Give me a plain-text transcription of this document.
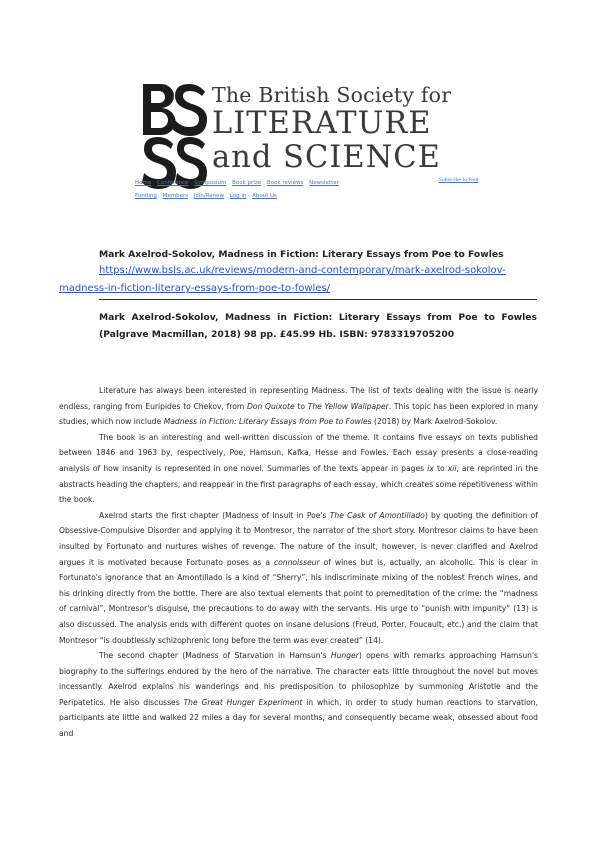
The British Society for
LITERATURE
and SCIENCE
Home Conference Symposium Book prize Book reviews Newsletter	Subscribe to feed
Funding Members Join/Renew Log in About Us
Mark Axelrod-Sokolov, Madness in Fiction: Literary Essays from Poe to Fowles
https://www.bsls.ac.uk/reviews/modern-and-contemporary/mark-axelrod-sokolov-
madness-in-fiction-literary-essays-from-poe-to-fowles/
Mark Axelrod-Sokolov, Madness in Fiction: Literary Essays from Poe to Fowles (Palgrave Macmillan, 2018) 98 pp. £45.99 Hb. ISBN: 9783319705200

Literature has always been interested in representing Madness. The list of texts dealing with the issue is nearly endless, ranging from Euripides to Chekov, from Don Quixote to The Yellow Wallpaper. This topic has been explored in many studies, which now include Madness in Fiction: Literary Essays from Poe to Fowles (2018) by Mark Axelrod-Sokolov.

The book is an interesting and well-written discussion of the theme. It contains five essays on texts published between 1846 and 1963 by, respectively, Poe, Hamsun, Kafka, Hesse and Fowles. Each essay presents a close-reading analysis of how insanity is represented in one novel. Summaries of the texts appear in pages ix to xii, are reprinted in the abstracts heading the chapters, and reappear in the first paragraphs of each essay, which creates some repetitiveness within the book.

Axelrod starts the first chapter (Madness of Insult in Poe's The Cask of Amontillado) by quoting the definition of Obsessive-Compulsive Disorder and applying it to Montresor, the narrator of the short story. Montresor claims to have been insulted by Fortunato and nurtures wishes of revenge. The nature of the insult, however, is never clarified and Axelrod argues it is motivated because Fortunato poses as a connoisseur of wines but is, actually, an alcoholic. This is clear in Fortunato's ignorance that an Amontillado is a kind of “Sherry”, his indiscriminate mixing of the noblest French wines, and his drinking directly from the bottle. There are also textual elements that point to premeditation of the crime: the “madness of carnival”, Montresor's disguise, the precautions to do away with the servants. His urge to “punish with impunity” (13) is also discussed. The analysis ends with different quotes on insane delusions (Freud, Porter, Foucault, etc.) and the claim that Montresor “is doubtlessly schizophrenic long before the term was ever created” (14).

The second chapter (Madness of Starvation in Hamsun's Hunger) opens with remarks approaching Hamsun's biography to the sufferings endured by the hero of the narrative. The character eats little throughout the novel but moves incessantly. Axelrod explains his wanderings and his predisposition to philosophize by summoning Aristotle and the Peripatetics. He also discusses The Great Hunger Experiment in which, in order to study human reactions to starvation, participants ate little and walked 22 miles a day for several months, and consequently became weak, obsessed about food and
